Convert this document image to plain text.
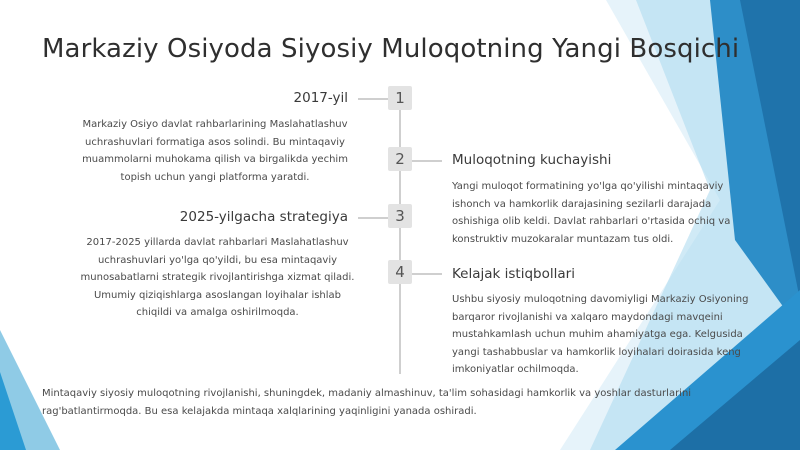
Markaziy Osiyoda Siyosiy Muloqotning Yangi Bosqichi
1
2017-yil
Markaziy Osiyo davlat rahbarlarining Maslahatlashuv uchrashuvlari formatiga asos solindi. Bu mintaqaviy muammolarni muhokama qilish va birgalikda yechim topish uchun yangi platforma yaratdi.
2	Muloqotning kuchayishi
Yangi muloqot formatining yo'lga qo'yilishi mintaqaviy ishonch va hamkorlik darajasining sezilarli darajada oshishiga olib keldi. Davlat rahbarlari o'rtasida ochiq va konstruktiv muzokaralar muntazam tus oldi.
3
2025-yilgacha strategiya
2017-2025 yillarda davlat rahbarlari Maslahatlashuv uchrashuvlari yo'lga qo'yildi, bu esa mintaqaviy munosabatlarni strategik rivojlantirishga xizmat qiladi. Umumiy qiziqishlarga asoslangan loyihalar ishlab chiqildi va amalga oshirilmoqda.
4	Kelajak istiqbollari
Ushbu siyosiy muloqotning davomiyligi Markaziy Osiyoning barqaror rivojlanishi va xalqaro maydondagi mavqeini mustahkamlash uchun muhim ahamiyatga ega. Kelgusida yangi tashabbuslar va hamkorlik loyihalari doirasida keng imkoniyatlar ochilmoqda.
Mintaqaviy siyosiy muloqotning rivojlanishi, shuningdek, madaniy almashinuv, ta'lim sohasidagi hamkorlik va yoshlar dasturlarini rag'batlantirmoqda. Bu esa kelajakda mintaqa xalqlarining yaqinligini yanada oshiradi.
